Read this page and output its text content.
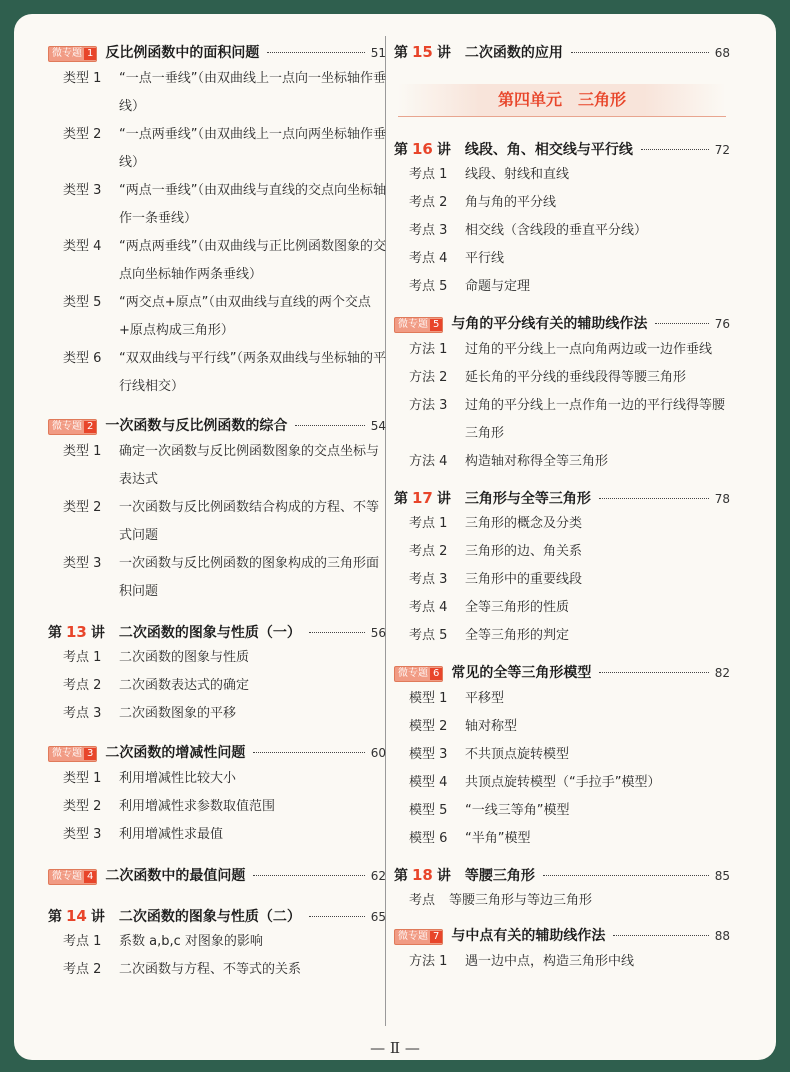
微专题 1 反比例函数中的面积问题	51
类型 1	“一点一垂线”（由双曲线上一点向一坐标轴作垂线）
类型 2	“一点两垂线”（由双曲线上一点向两坐标轴作垂线）
类型 3	“两点一垂线”（由双曲线与直线的交点向坐标轴作一条垂线）
类型 4	“两点两垂线”（由双曲线与正比例函数图象的交点向坐标轴作两条垂线）
类型 5	“两交点+原点”（由双曲线与直线的两个交点+原点构成三角形）
类型 6	“双双曲线与平行线”（两条双曲线与坐标轴的平行线相交）
微专题 2 一次函数与反比例函数的综合	54
类型 1	确定一次函数与反比例函数图象的交点坐标与表达式
类型 2	一次函数与反比例函数结合构成的方程、不等式问题
类型 3	一次函数与反比例函数的图象构成的三角形面积问题
第 13 讲 二次函数的图象与性质（一）	56
考点 1	二次函数的图象与性质
考点 2	二次函数表达式的确定
考点 3	二次函数图象的平移
微专题 3 二次函数的增减性问题	60
类型 1	利用增减性比较大小
类型 2	利用增减性求参数取值范围
类型 3	利用增减性求最值
微专题 4 二次函数中的最值问题	62
第 14 讲 二次函数的图象与性质（二）	65
考点 1	系数 a,b,c 对图象的影响
考点 2	二次函数与方程、不等式的关系
第 15 讲 二次函数的应用	68
第四单元　三角形
第 16 讲 线段、角、相交线与平行线	72
考点 1	线段、射线和直线
考点 2	角与角的平分线
考点 3	相交线（含线段的垂直平分线）
考点 4	平行线
考点 5	命题与定理
微专题 5 与角的平分线有关的辅助线作法	76
方法 1	过角的平分线上一点向角两边或一边作垂线
方法 2	延长角的平分线的垂线段得等腰三角形
方法 3	过角的平分线上一点作角一边的平行线得等腰三角形
方法 4	构造轴对称得全等三角形
第 17 讲 三角形与全等三角形	78
考点 1	三角形的概念及分类
考点 2	三角形的边、角关系
考点 3	三角形中的重要线段
考点 4	全等三角形的性质
考点 5	全等三角形的判定
微专题 6 常见的全等三角形模型	82
模型 1	平移型
模型 2	轴对称型
模型 3	不共顶点旋转模型
模型 4	共顶点旋转模型（“手拉手”模型）
模型 5	“一线三等角”模型
模型 6	“半角”模型
第 18 讲 等腰三角形	85
考点	等腰三角形与等边三角形
微专题 7 与中点有关的辅助线作法	88
方法 1	遇一边中点，构造三角形中线
— Ⅱ —
